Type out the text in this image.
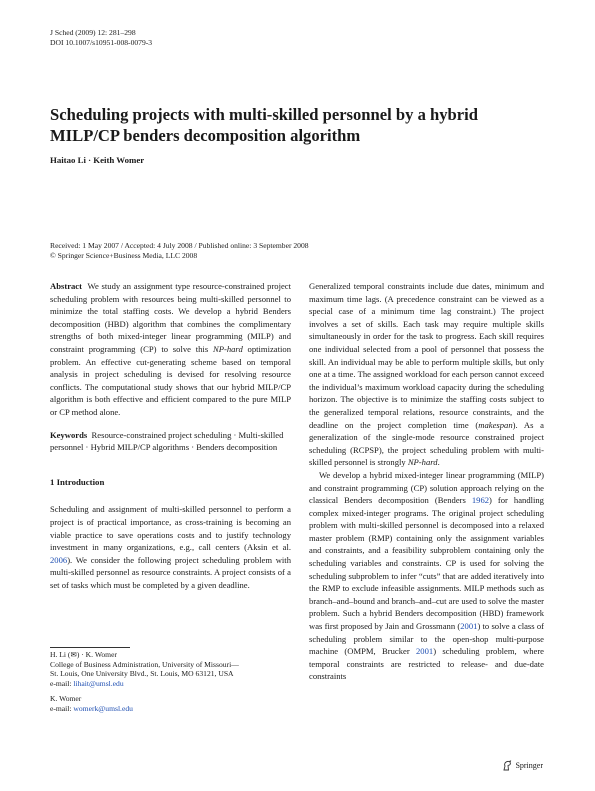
J Sched (2009) 12: 281–298
DOI 10.1007/s10951-008-0079-3
Scheduling projects with multi-skilled personnel by a hybrid
MILP/CP benders decomposition algorithm
Haitao Li · Keith Womer
Received: 1 May 2007 / Accepted: 4 July 2008 / Published online: 3 September 2008
© Springer Science+Business Media, LLC 2008

Abstract We study an assignment type resource-constrained project scheduling problem with resources being multi-skilled personnel to minimize the total staffing costs. We develop a hybrid Benders decomposition (HBD) algorithm that combines the complimentary strengths of both mixed-integer linear programming (MILP) and constraint programming (CP) to solve this NP-hard optimization problem. An effective cut-generating scheme based on temporal analysis in project scheduling is devised for resolving resource conflicts. The computational study shows that our hybrid MILP/CP algorithm is both effective and efficient compared to the pure MILP or CP method alone.

Keywords Resource-constrained project scheduling · Multi-skilled personnel · Hybrid MILP/CP algorithms · Benders decomposition

1 Introduction

Scheduling and assignment of multi-skilled personnel to perform a project is of practical importance, as cross-training is becoming an viable practice to save operations costs and to justify technology investment in many organizations, e.g., call centers (Aksin et al. 2006). We consider the following project scheduling problem with multi-skilled personnel as resource constraints. A project consists of a set of tasks which must be completed by a given deadline.

Generalized temporal constraints include due dates, minimum and maximum time lags. (A precedence constraint can be viewed as a special case of a minimum time lag constraint.) The project involves a set of skills. Each task may require multiple skills simultaneously in order for the task to progress. Each skill requires one individual selected from a pool of personnel that possess the skill. An individual may be able to perform multiple skills, but only one at a time. The assigned workload for each person cannot exceed the individual’s maximum workload capacity during the scheduling horizon. The objective is to minimize the staffing costs subject to the generalized temporal relations, resource constraints, and the deadline on the project completion time (makespan). As a generalization of the single-mode resource constrained project scheduling (RCPSP), the project scheduling problem with multi-skilled personnel is strongly NP-hard.

We develop a hybrid mixed-integer linear programming (MILP) and constraint programming (CP) solution approach relying on the classical Benders decomposition (Benders 1962) for handling complex mixed-integer programs. The original project scheduling problem with multi-skilled personnel is decomposed into a relaxed master problem (RMP) containing only the assignment variables and constraints, and a feasibility subproblem containing only the scheduling variables and constraints. CP is used for solving the scheduling subproblem to infer “cuts” that are added iteratively into the RMP to exclude infeasible assignments. MILP methods such as branch–and–bound and branch–and–cut are used to solve the master problem. Such a hybrid Benders decomposition (HBD) framework was first proposed by Jain and Grossmann (2001) to solve a class of scheduling problem similar to the open-shop multi-purpose machine (OMPM, Brucker 2001) scheduling problem, where temporal constraints are restricted to release- and due-date constraints

H. Li (✉) · K. Womer
College of Business Administration, University of Missouri—
St. Louis, One University Blvd., St. Louis, MO 63121, USA
e-mail: lihait@umsl.edu
K. Womer
e-mail: womerk@umsl.edu
Springer
